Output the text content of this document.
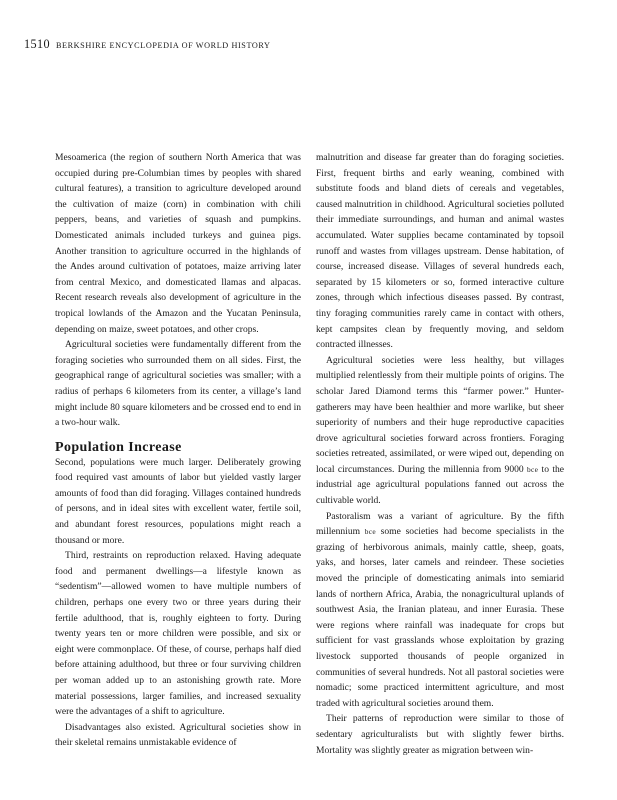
1510 BERKSHIRE ENCYCLOPEDIA OF WORLD HISTORY

Mesoamerica (the region of southern North America that was occupied during pre-Columbian times by peoples with shared cultural features), a transition to agriculture developed around the cultivation of maize (corn) in combination with chili peppers, beans, and varieties of squash and pumpkins. Domesticated animals included turkeys and guinea pigs. Another transition to agriculture occurred in the highlands of the Andes around cultivation of potatoes, maize arriving later from central Mexico, and domesticated llamas and alpacas. Recent research reveals also development of agriculture in the tropical lowlands of the Amazon and the Yucatan Peninsula, depending on maize, sweet potatoes, and other crops.

Agricultural societies were fundamentally different from the foraging societies who surrounded them on all sides. First, the geographical range of agricultural societies was smaller; with a radius of perhaps 6 kilometers from its center, a village’s land might include 80 square kilometers and be crossed end to end in a two-hour walk.

Population Increase

Second, populations were much larger. Deliberately growing food required vast amounts of labor but yielded vastly larger amounts of food than did foraging. Villages contained hundreds of persons, and in ideal sites with excellent water, fertile soil, and abundant forest resources, populations might reach a thousand or more.

Third, restraints on reproduction relaxed. Having adequate food and permanent dwellings—a lifestyle known as “sedentism”—allowed women to have multiple numbers of children, perhaps one every two or three years during their fertile adulthood, that is, roughly eighteen to forty. During twenty years ten or more children were possible, and six or eight were commonplace. Of these, of course, perhaps half died before attaining adulthood, but three or four surviving children per woman added up to an astonishing growth rate. More material possessions, larger families, and increased sexuality were the advantages of a shift to agriculture.

Disadvantages also existed. Agricultural societies show in their skeletal remains unmistakable evidence of

malnutrition and disease far greater than do foraging societies. First, frequent births and early weaning, combined with substitute foods and bland diets of cereals and vegetables, caused malnutrition in childhood. Agricultural societies polluted their immediate surroundings, and human and animal wastes accumulated. Water supplies became contaminated by topsoil runoff and wastes from villages upstream. Dense habitation, of course, increased disease. Villages of several hundreds each, separated by 15 kilometers or so, formed interactive culture zones, through which infectious diseases passed. By contrast, tiny foraging communities rarely came in contact with others, kept campsites clean by frequently moving, and seldom contracted illnesses.

Agricultural societies were less healthy, but villages multiplied relentlessly from their multiple points of origins. The scholar Jared Diamond terms this “farmer power.” Hunter-gatherers may have been healthier and more warlike, but sheer superiority of numbers and their huge reproductive capacities drove agricultural societies forward across frontiers. Foraging societies retreated, assimilated, or were wiped out, depending on local circumstances. During the millennia from 9000 bce to the industrial age agricultural populations fanned out across the cultivable world.

Pastoralism was a variant of agriculture. By the fifth millennium bce some societies had become specialists in the grazing of herbivorous animals, mainly cattle, sheep, goats, yaks, and horses, later camels and reindeer. These societies moved the principle of domesticating animals into semiarid lands of northern Africa, Arabia, the nonagricultural uplands of southwest Asia, the Iranian plateau, and inner Eurasia. These were regions where rainfall was inadequate for crops but sufficient for vast grasslands whose exploitation by grazing livestock supported thousands of people organized in communities of several hundreds. Not all pastoral societies were nomadic; some practiced intermittent agriculture, and most traded with agricultural societies around them.

Their patterns of reproduction were similar to those of sedentary agriculturalists but with slightly fewer births. Mortality was slightly greater as migration between win-
